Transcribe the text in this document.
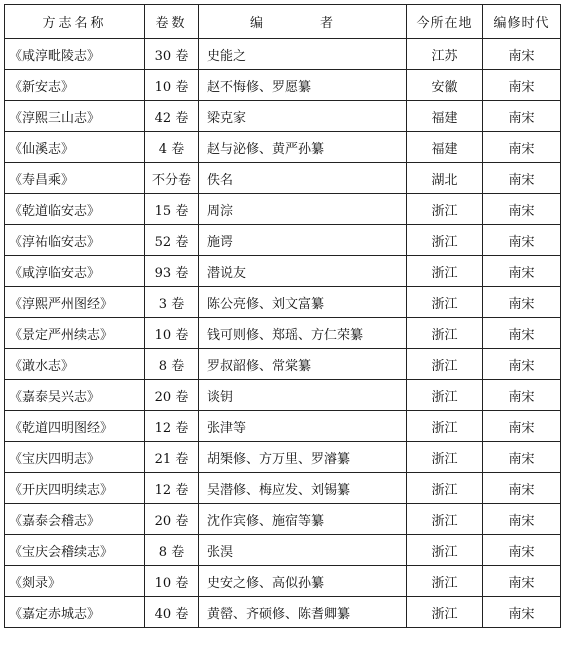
方志名称	卷数	编　者	今所在地	编修时代
《咸淳毗陵志》	30 卷	史能之	江苏	南宋
《新安志》	10 卷	赵不悔修、罗愿纂	安徽	南宋
《淳熙三山志》	42 卷	梁克家	福建	南宋
《仙溪志》	4 卷	赵与泌修、黄严孙纂	福建	南宋
《寿昌乘》	不分卷	佚名	湖北	南宋
《乾道临安志》	15 卷	周淙	浙江	南宋
《淳祐临安志》	52 卷	施谔	浙江	南宋
《咸淳临安志》	93 卷	潜说友	浙江	南宋
《淳熙严州图经》	3 卷	陈公亮修、刘文富纂	浙江	南宋
《景定严州续志》	10 卷	钱可则修、郑瑶、方仁荣纂	浙江	南宋
《澉水志》	8 卷	罗叔韶修、常棠纂	浙江	南宋
《嘉泰吴兴志》	20 卷	谈钥	浙江	南宋
《乾道四明图经》	12 卷	张津等	浙江	南宋
《宝庆四明志》	21 卷	胡榘修、方万里、罗濬纂	浙江	南宋
《开庆四明续志》	12 卷	吴潜修、梅应发、刘锡纂	浙江	南宋
《嘉泰会稽志》	20 卷	沈作宾修、施宿等纂	浙江	南宋
《宝庆会稽续志》	8 卷	张淏	浙江	南宋
《剡录》	10 卷	史安之修、高似孙纂	浙江	南宋
《嘉定赤城志》	40 卷	黄罃、齐硕修、陈耆卿纂	浙江	南宋
